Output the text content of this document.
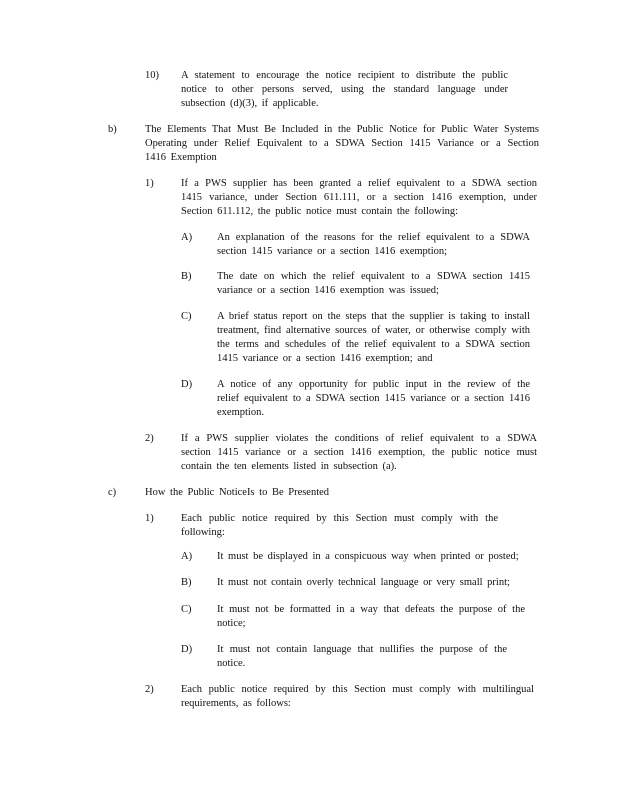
10) A statement to encourage the notice recipient to distribute the public notice to other persons served, using the standard language under subsection (d)(3), if applicable.

b)	The Elements That Must Be Included in the Public Notice for Public Water Systems Operating under Relief Equivalent to a SDWA Section 1415 Variance or a Section 1416 Exemption

1)	If a PWS supplier has been granted a relief equivalent to a SDWA section 1415 variance, under Section 611.111, or a section 1416 exemption, under Section 611.112, the public notice must contain the following:

A) An explanation of the reasons for the relief equivalent to a SDWA section 1415 variance or a section 1416 exemption;

B) The date on which the relief equivalent to a SDWA section 1415 variance or a section 1416 exemption was issued;

C) A brief status report on the steps that the supplier is taking to install treatment, find alternative sources of water, or otherwise comply with the terms and schedules of the relief equivalent to a SDWA section 1415 variance or a section 1416 exemption; and

D) A notice of any opportunity for public input in the review of the relief equivalent to a SDWA section 1415 variance or a section 1416 exemption.

2)	If a PWS supplier violates the conditions of relief equivalent to a SDWA section 1415 variance or a section 1416 exemption, the public notice must contain the ten elements listed in subsection (a).

c)	How the Public NoticeIs to Be Presented

1)	Each public notice required by this Section must comply with the following:

A) It must be displayed in a conspicuous way when printed or posted;

B) It must not contain overly technical language or very small print;

C) It must not be formatted in a way that defeats the purpose of the notice;

D) It must not contain language that nullifies the purpose of the notice.

2)	Each public notice required by this Section must comply with multilingual requirements, as follows:
